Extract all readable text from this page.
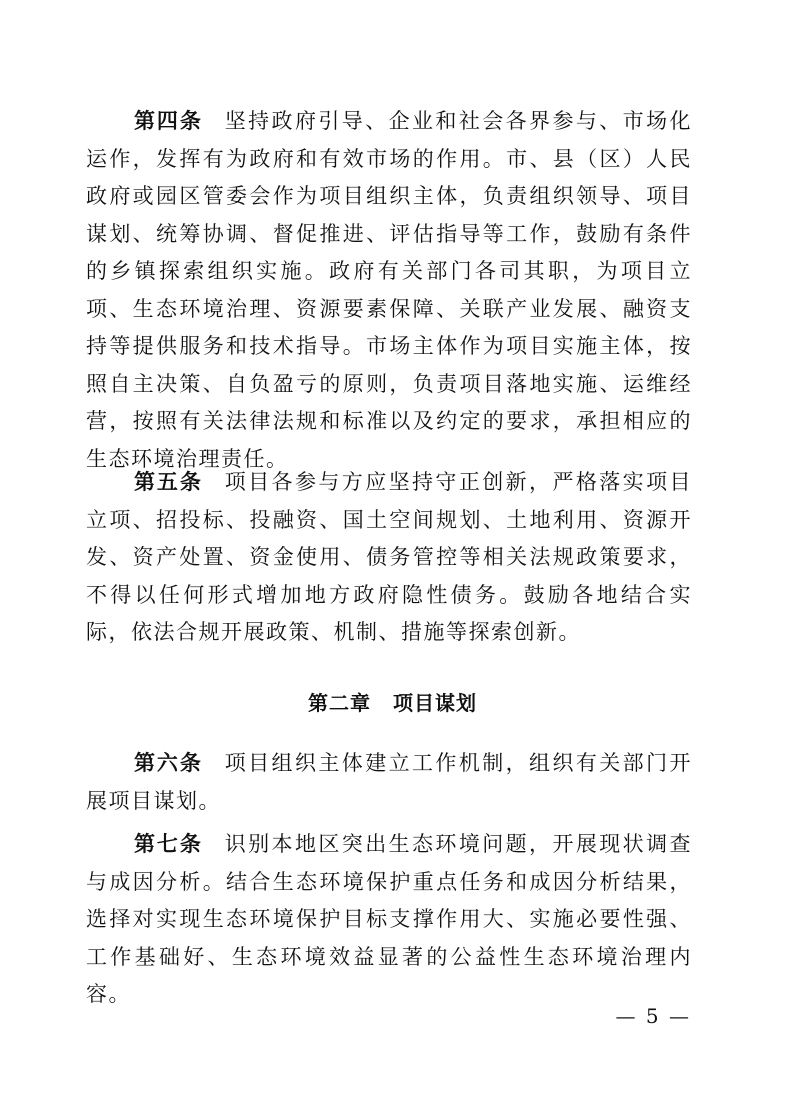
第四条 坚持政府引导、企业和社会各界参与、市场化运作，发挥有为政府和有效市场的作用。市、县（区）人民政府或园区管委会作为项目组织主体，负责组织领导、项目谋划、统筹协调、督促推进、评估指导等工作，鼓励有条件的乡镇探索组织实施。政府有关部门各司其职，为项目立项、生态环境治理、资源要素保障、关联产业发展、融资支持等提供服务和技术指导。市场主体作为项目实施主体，按照自主决策、自负盈亏的原则，负责项目落地实施、运维经营，按照有关法律法规和标准以及约定的要求，承担相应的生态环境治理责任。

第五条 项目各参与方应坚持守正创新，严格落实项目立项、招投标、投融资、国土空间规划、土地利用、资源开发、资产处置、资金使用、债务管控等相关法规政策要求，不得以任何形式增加地方政府隐性债务。鼓励各地结合实际，依法合规开展政策、机制、措施等探索创新。

第二章 项目谋划

第六条 项目组织主体建立工作机制，组织有关部门开展项目谋划。

第七条 识别本地区突出生态环境问题，开展现状调查与成因分析。结合生态环境保护重点任务和成因分析结果，选择对实现生态环境保护目标支撑作用大、实施必要性强、工作基础好、生态环境效益显著的公益性生态环境治理内容。

— 5 —
